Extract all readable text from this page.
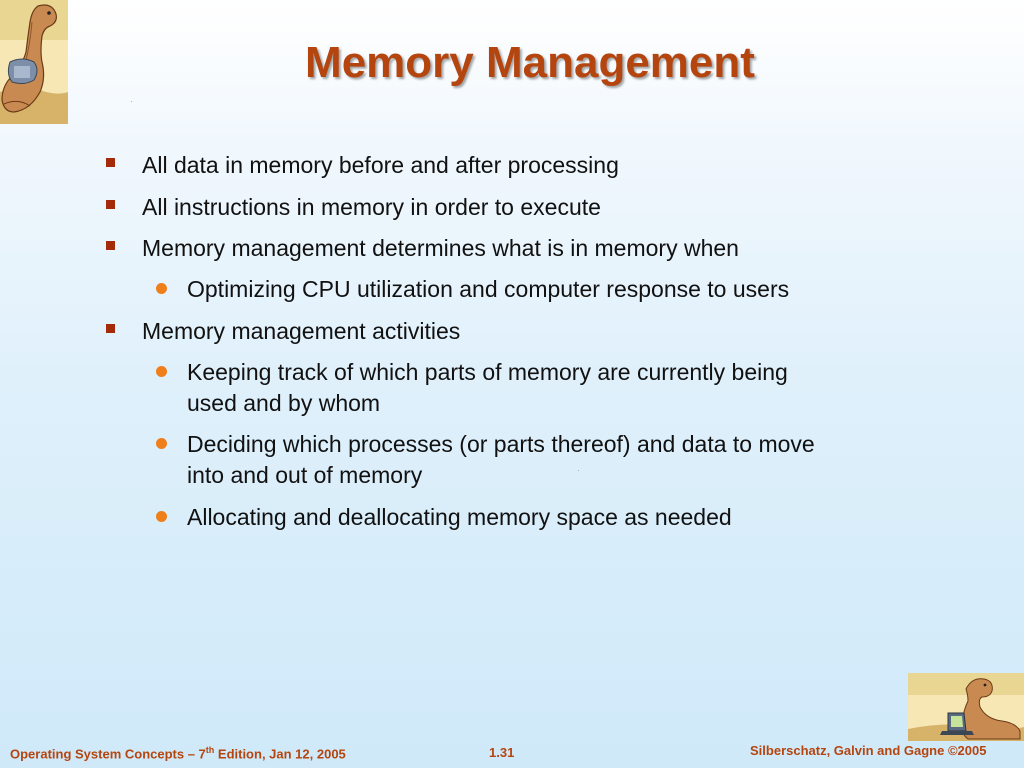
Memory Management
All data in memory before and after processing
All instructions in memory in order to execute
Memory management determines what is in memory when
Optimizing CPU utilization and computer response to users
Memory management activities
Keeping track of which parts of memory are currently being
used and by whom
Deciding which processes (or parts thereof) and data to move
into and out of memory
Allocating and deallocating memory space as needed
Operating System Concepts – 7th Edition, Jan 12, 2005	1.31	Silberschatz, Galvin and Gagne ©2005
